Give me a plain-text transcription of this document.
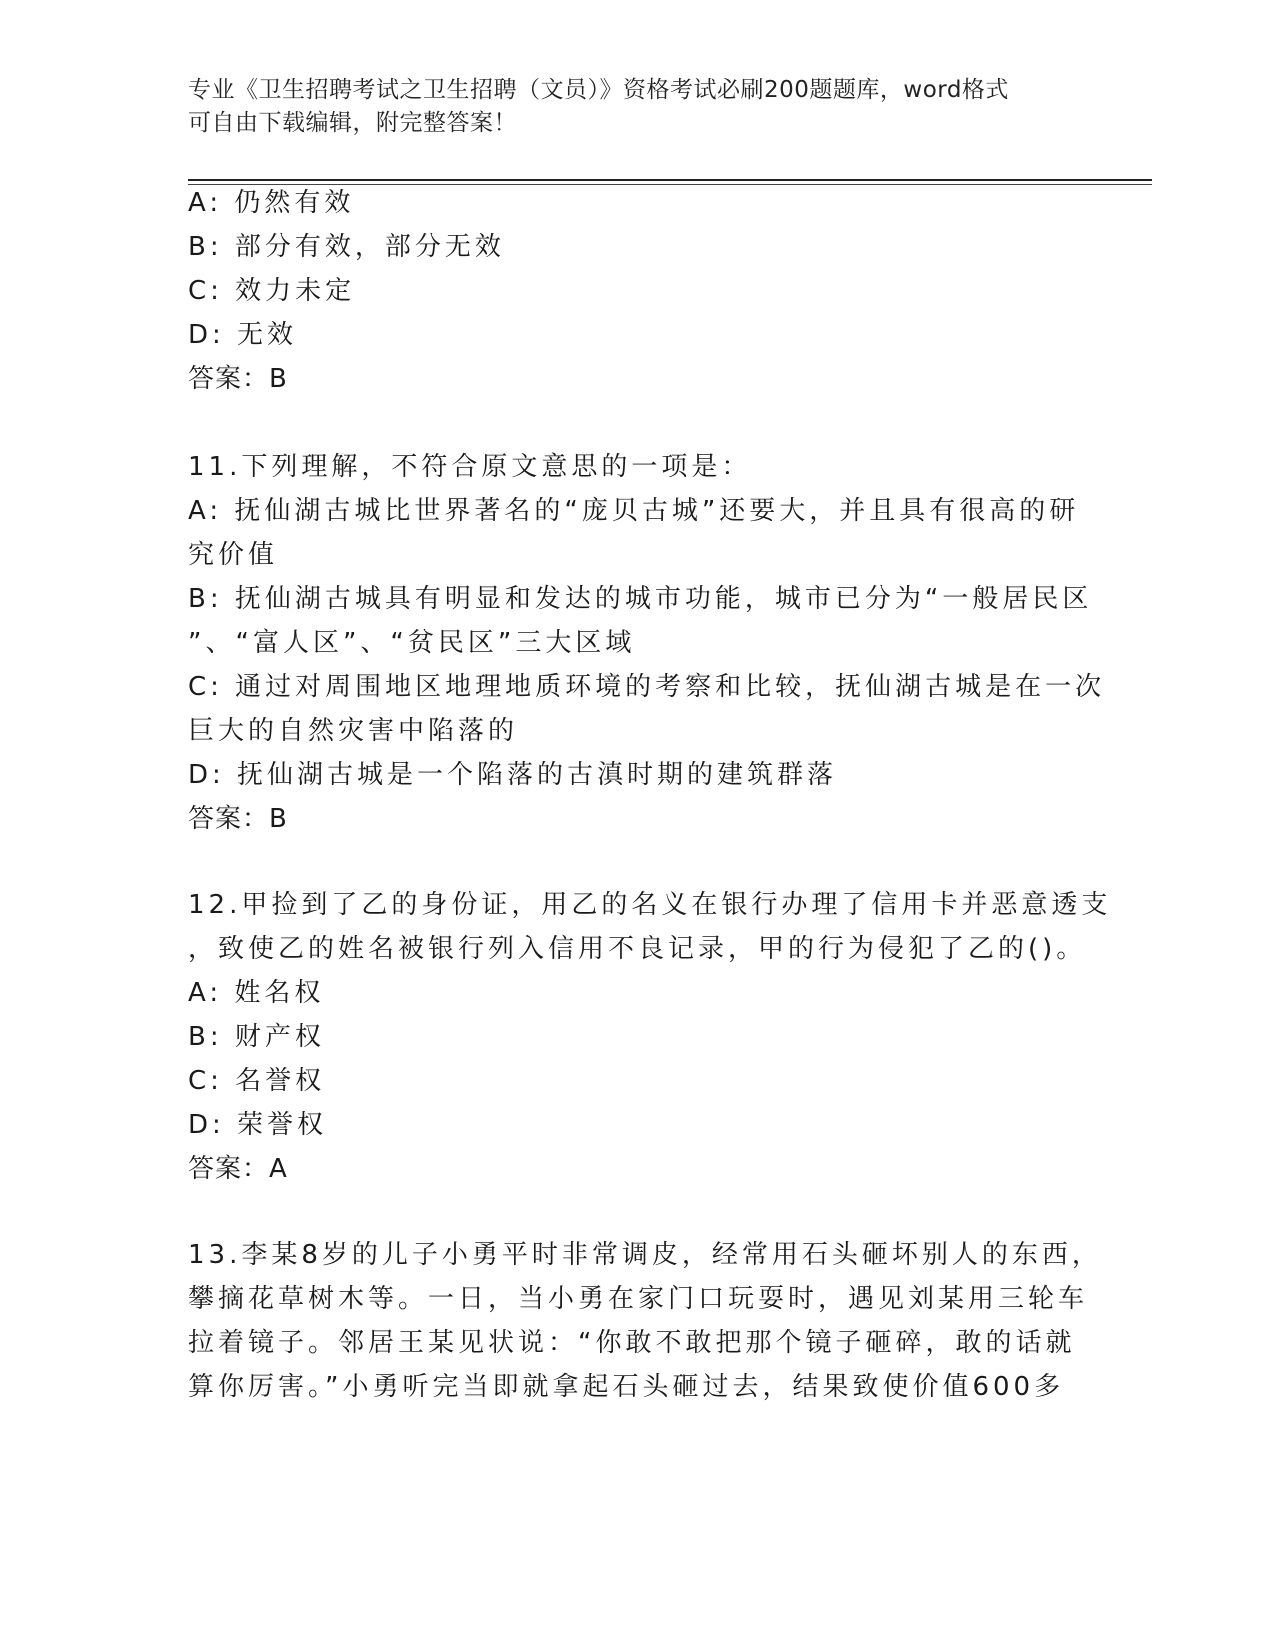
专业《卫生招聘考试之卫生招聘（文员）》资格考试必刷200题题库，word格式
可自由下载编辑，附完整答案！
A: 仍然有效
B: 部分有效，部分无效
C: 效力未定
D: 无效
答案：B
11.下列理解，不符合原文意思的一项是：
A: 抚仙湖古城比世界著名的“庞贝古城”还要大，并且具有很高的研
究价值
B: 抚仙湖古城具有明显和发达的城市功能，城市已分为“一般居民区
”、“富人区”、“贫民区”三大区域
C: 通过对周围地区地理地质环境的考察和比较，抚仙湖古城是在一次
巨大的自然灾害中陷落的
D: 抚仙湖古城是一个陷落的古滇时期的建筑群落
答案：B
12.甲捡到了乙的身份证，用乙的名义在银行办理了信用卡并恶意透支
，致使乙的姓名被银行列入信用不良记录，甲的行为侵犯了乙的()。
A: 姓名权
B: 财产权
C: 名誉权
D: 荣誉权
答案：A
13.李某8岁的儿子小勇平时非常调皮，经常用石头砸坏别人的东西，
攀摘花草树木等。一日，当小勇在家门口玩耍时，遇见刘某用三轮车
拉着镜子。邻居王某见状说：“你敢不敢把那个镜子砸碎，敢的话就
算你厉害。”小勇听完当即就拿起石头砸过去，结果致使价值600多
